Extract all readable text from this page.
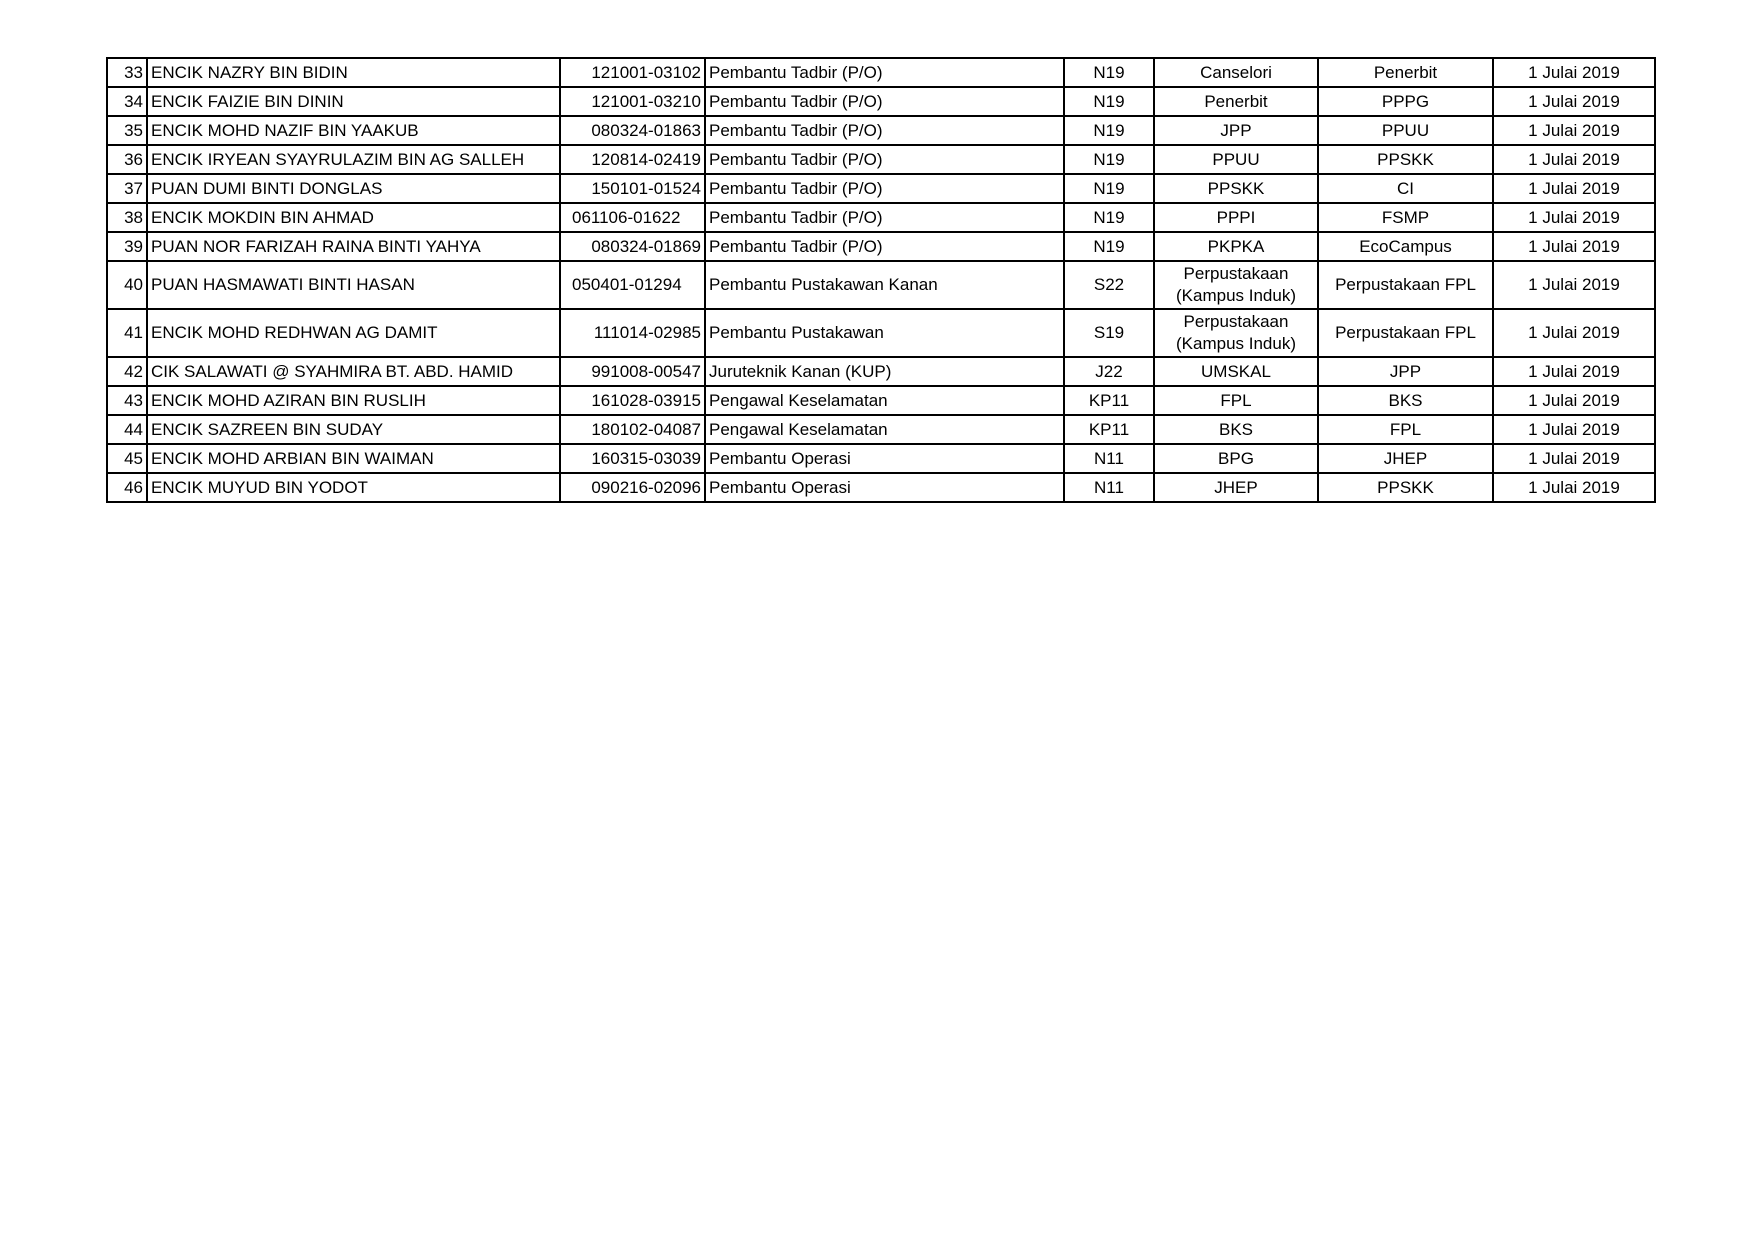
33	ENCIK NAZRY BIN BIDIN	121001-03102	Pembantu Tadbir (P/O)	N19	Canselori	Penerbit	1 Julai 2019
34	ENCIK FAIZIE BIN DININ	121001-03210	Pembantu Tadbir (P/O)	N19	Penerbit	PPPG	1 Julai 2019
35	ENCIK MOHD NAZIF BIN YAAKUB	080324-01863	Pembantu Tadbir (P/O)	N19	JPP	PPUU	1 Julai 2019
36	ENCIK IRYEAN SYAYRULAZIM BIN AG SALLEH	120814-02419	Pembantu Tadbir (P/O)	N19	PPUU	PPSKK	1 Julai 2019
37	PUAN DUMI BINTI DONGLAS	150101-01524	Pembantu Tadbir (P/O)	N19	PPSKK	CI	1 Julai 2019
38	ENCIK MOKDIN BIN AHMAD	061106-01622	Pembantu Tadbir (P/O)	N19	PPPI	FSMP	1 Julai 2019
39	PUAN NOR FARIZAH RAINA BINTI YAHYA	080324-01869	Pembantu Tadbir (P/O)	N19	PKPKA	EcoCampus	1 Julai 2019
40	PUAN HASMAWATI BINTI HASAN	050401-01294	Pembantu Pustakawan Kanan	S22	Perpustakaan (Kampus Induk)	Perpustakaan FPL	1 Julai 2019
41	ENCIK MOHD REDHWAN AG DAMIT	111014-02985	Pembantu Pustakawan	S19	Perpustakaan (Kampus Induk)	Perpustakaan FPL	1 Julai 2019
42	CIK SALAWATI @ SYAHMIRA BT. ABD. HAMID	991008-00547	Juruteknik Kanan (KUP)	J22	UMSKAL	JPP	1 Julai 2019
43	ENCIK MOHD AZIRAN BIN RUSLIH	161028-03915	Pengawal Keselamatan	KP11	FPL	BKS	1 Julai 2019
44	ENCIK SAZREEN BIN SUDAY	180102-04087	Pengawal Keselamatan	KP11	BKS	FPL	1 Julai 2019
45	ENCIK MOHD ARBIAN BIN WAIMAN	160315-03039	Pembantu Operasi	N11	BPG	JHEP	1 Julai 2019
46	ENCIK MUYUD BIN YODOT	090216-02096	Pembantu Operasi	N11	JHEP	PPSKK	1 Julai 2019
